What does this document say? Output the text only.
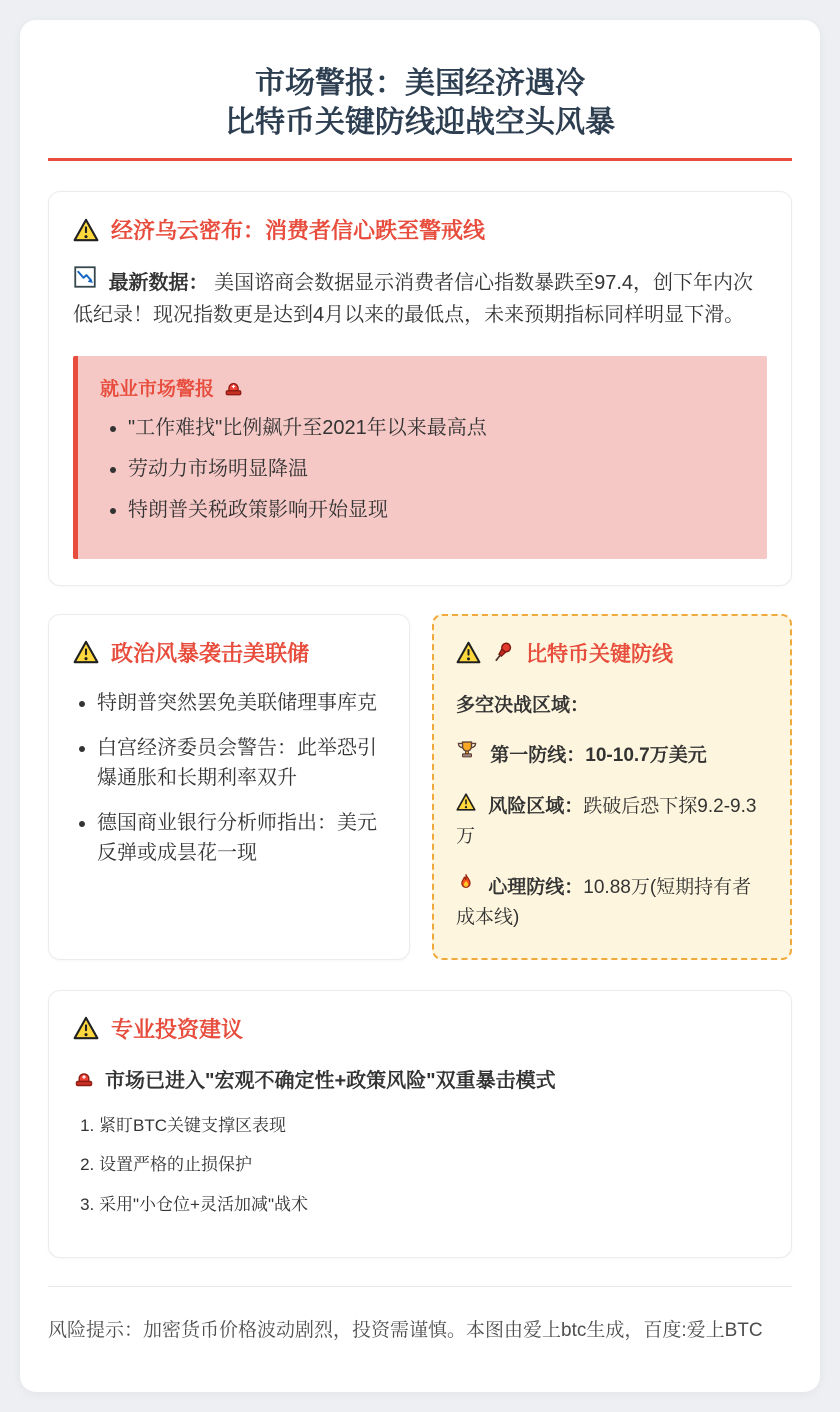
市场警报：美国经济遇冷
比特币关键防线迎战空头风暴
经济乌云密布：消费者信心跌至警戒线

最新数据： 美国谘商会数据显示消费者信心指数暴跌至97.4，创下年内次低纪录！现况指数更是达到4月以来的最低点，未来预期指标同样明显下滑。

就业市场警报
• "工作难找"比例飙升至2021年以来最高点
• 劳动力市场明显降温
• 特朗普关税政策影响开始显现
政治风暴袭击美联储
• 特朗普突然罢免美联储理事库克
• 白宫经济委员会警告：此举恐引爆通胀和长期利率双升
• 德国商业银行分析师指出：美元反弹或成昙花一现
比特币关键防线

多空决战区域：

第一防线：10-10.7万美元

风险区域：跌破后恐下探9.2-9.3万

心理防线：10.88万(短期持有者成本线)

专业投资建议

市场已进入"宏观不确定性+政策风险"双重暴击模式

1. 紧盯BTC关键支撑区表现
2. 设置严格的止损保护
3. 采用"小仓位+灵活加减"战术

风险提示：加密货币价格波动剧烈，投资需谨慎。本图由爱上btc生成，百度:爱上BTC
